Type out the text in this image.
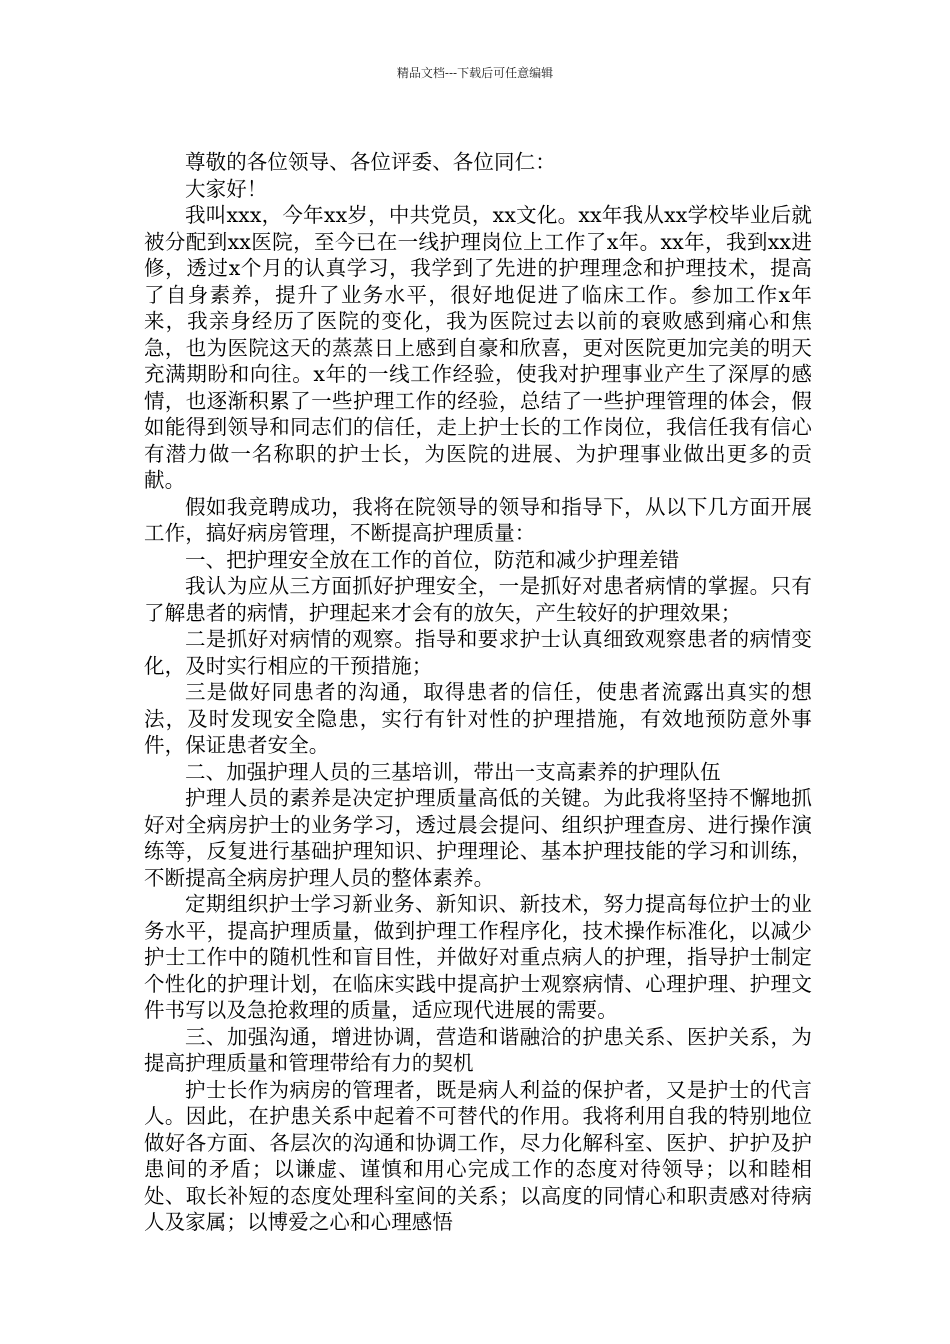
精品文档---下载后可任意编辑

尊敬的各位领导、各位评委、各位同仁：

大家好！

我叫xxx，今年xx岁，中共党员，xx文化。xx年我从xx学校毕业后就被分配到xx医院，至今已在一线护理岗位上工作了x年。xx年，我到xx进修，透过x个月的认真学习，我学到了先进的护理理念和护理技术，提高了自身素养，提升了业务水平，很好地促进了临床工作。参加工作x年来，我亲身经历了医院的变化，我为医院过去以前的衰败感到痛心和焦急，也为医院这天的蒸蒸日上感到自豪和欣喜，更对医院更加完美的明天充满期盼和向往。x年的一线工作经验，使我对护理事业产生了深厚的感情，也逐渐积累了一些护理工作的经验，总结了一些护理管理的体会，假如能得到领导和同志们的信任，走上护士长的工作岗位，我信任我有信心有潜力做一名称职的护士长，为医院的进展、为护理事业做出更多的贡献。

假如我竞聘成功，我将在院领导的领导和指导下，从以下几方面开展工作，搞好病房管理，不断提高护理质量：

一、把护理安全放在工作的首位，防范和减少护理差错

我认为应从三方面抓好护理安全，一是抓好对患者病情的掌握。只有了解患者的病情，护理起来才会有的放矢，产生较好的护理效果；

二是抓好对病情的观察。指导和要求护士认真细致观察患者的病情变化，及时实行相应的干预措施；

三是做好同患者的沟通，取得患者的信任，使患者流露出真实的想法，及时发现安全隐患，实行有针对性的护理措施，有效地预防意外事件，保证患者安全。

二、加强护理人员的三基培训，带出一支高素养的护理队伍

护理人员的素养是决定护理质量高低的关键。为此我将坚持不懈地抓好对全病房护士的业务学习，透过晨会提问、组织护理查房、进行操作演练等，反复进行基础护理知识、护理理论、基本护理技能的学习和训练，不断提高全病房护理人员的整体素养。

定期组织护士学习新业务、新知识、新技术，努力提高每位护士的业务水平，提高护理质量，做到护理工作程序化，技术操作标准化，以减少护士工作中的随机性和盲目性，并做好对重点病人的护理，指导护士制定个性化的护理计划，在临床实践中提高护士观察病情、心理护理、护理文件书写以及急抢救理的质量，适应现代进展的需要。

三、加强沟通，增进协调，营造和谐融洽的护患关系、医护关系，为提高护理质量和管理带给有力的契机

护士长作为病房的管理者，既是病人利益的保护者，又是护士的代言人。因此，在护患关系中起着不可替代的作用。我将利用自我的特别地位做好各方面、各层次的沟通和协调工作，尽力化解科室、医护、护护及护患间的矛盾；以谦虚、谨慎和用心完成工作的态度对待领导；以和睦相处、取长补短的态度处理科室间的关系；以高度的同情心和职责感对待病人及家属；以博爱之心和心理感悟
